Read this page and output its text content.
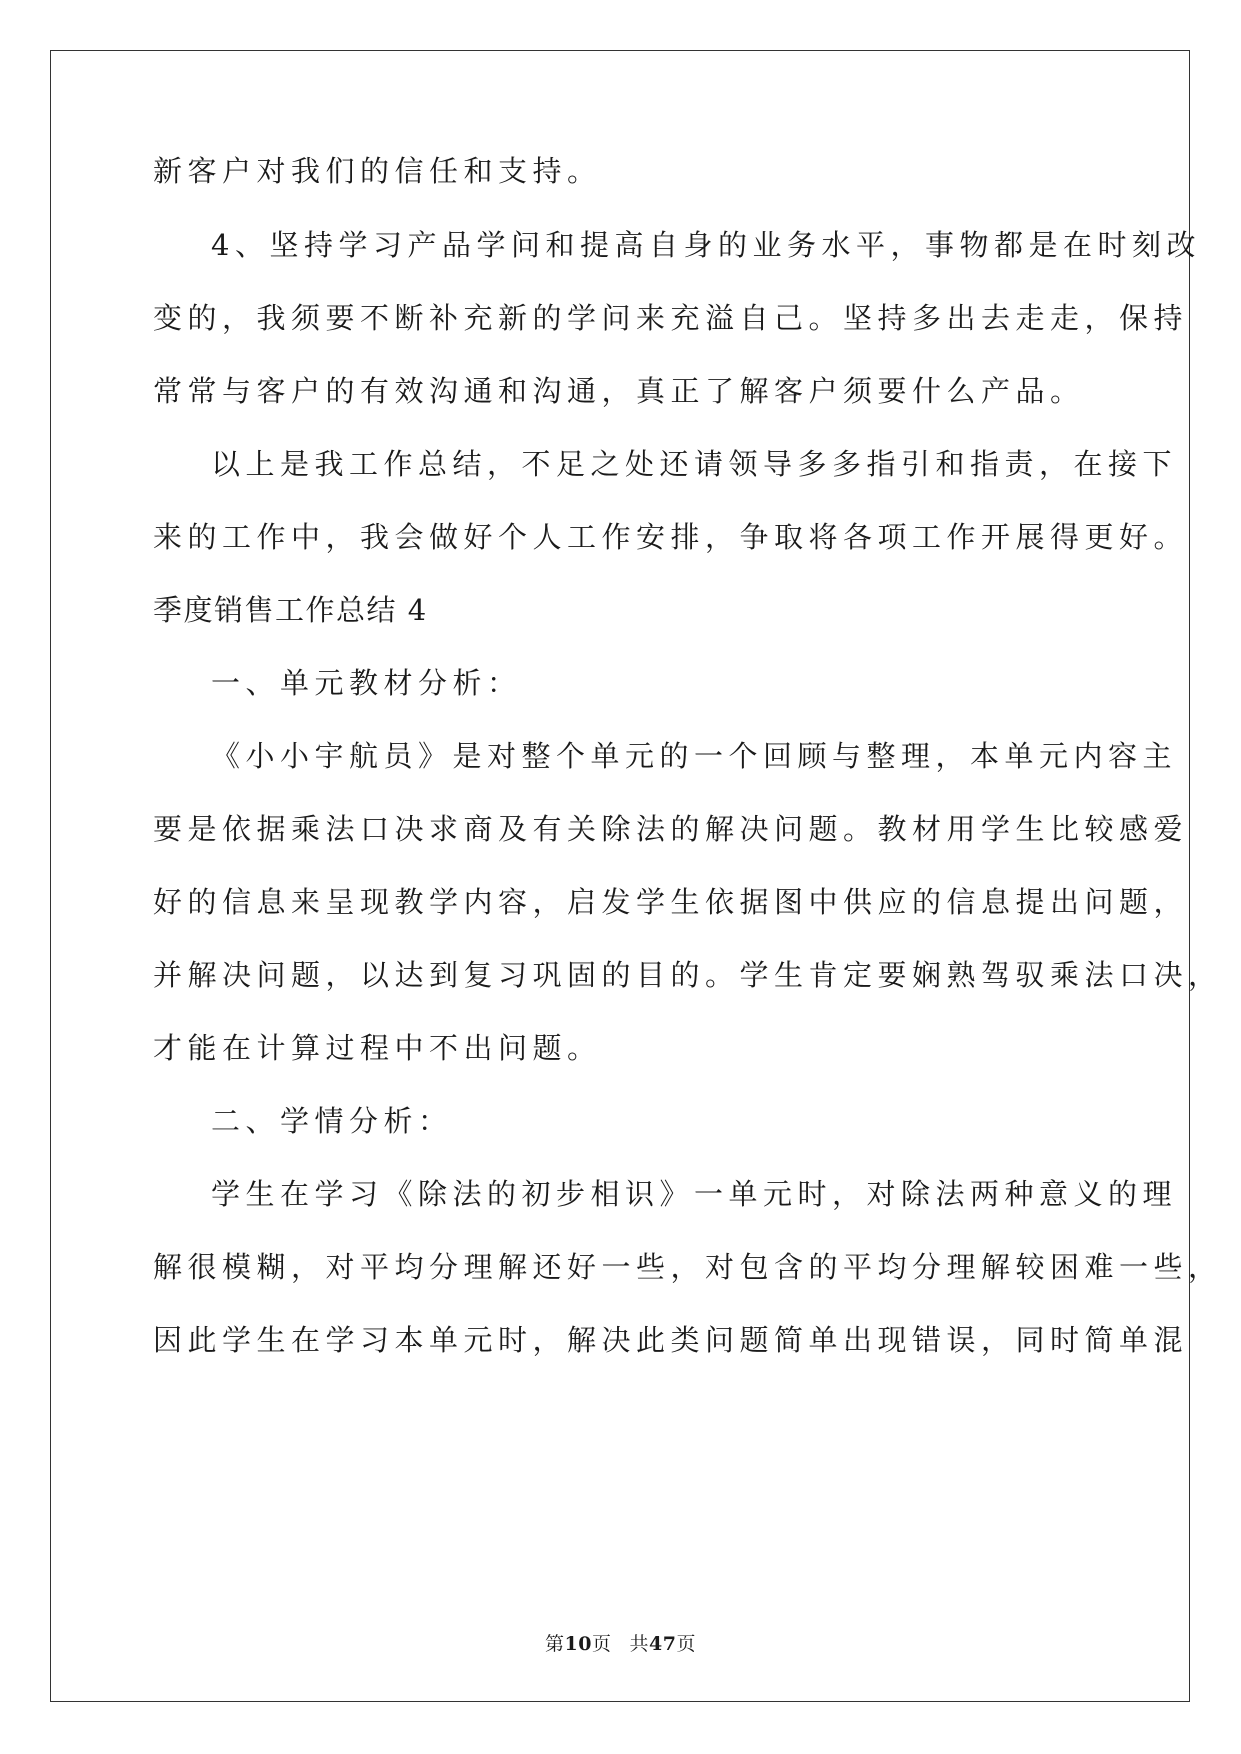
新客户对我们的信任和支持。
4、坚持学习产品学问和提高自身的业务水平，事物都是在时刻改
变的，我须要不断补充新的学问来充溢自己。坚持多出去走走，保持
常常与客户的有效沟通和沟通，真正了解客户须要什么产品。
以上是我工作总结，不足之处还请领导多多指引和指责，在接下
来的工作中，我会做好个人工作安排，争取将各项工作开展得更好。
季度销售工作总结 4
一、单元教材分析：
《小小宇航员》是对整个单元的一个回顾与整理，本单元内容主
要是依据乘法口决求商及有关除法的解决问题。教材用学生比较感爱
好的信息来呈现教学内容，启发学生依据图中供应的信息提出问题，
并解决问题，以达到复习巩固的目的。学生肯定要娴熟驾驭乘法口决，
才能在计算过程中不出问题。
二、学情分析：
学生在学习《除法的初步相识》一单元时，对除法两种意义的理
解很模糊，对平均分理解还好一些，对包含的平均分理解较困难一些，
因此学生在学习本单元时，解决此类问题简单出现错误，同时简单混
第10页 共47页
